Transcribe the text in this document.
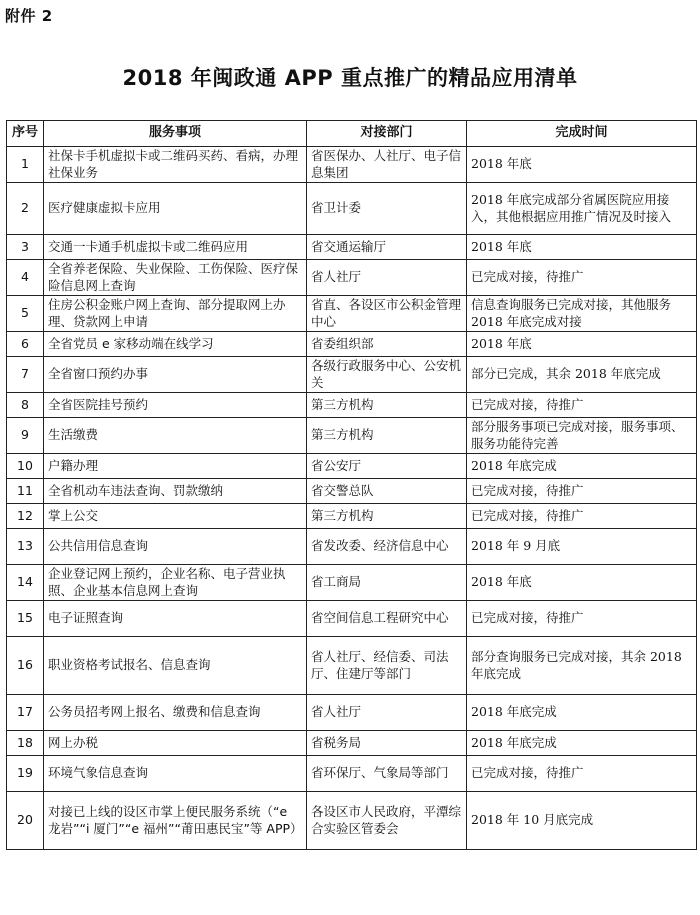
附件 2
2018 年闽政通 APP 重点推广的精品应用清单
序号	服务事项	对接部门	完成时间
1	社保卡手机虚拟卡或二维码买药、看病，办理社保业务	省医保办、人社厅、电子信息集团	2018 年底
2	医疗健康虚拟卡应用	省卫计委	2018 年底完成部分省属医院应用接入，其他根据应用推广情况及时接入
3	交通一卡通手机虚拟卡或二维码应用	省交通运输厅	2018 年底
4	全省养老保险、失业保险、工伤保险、医疗保险信息网上查询	省人社厅	已完成对接，待推广
5	住房公积金账户网上查询、部分提取网上办理、贷款网上申请	省直、各设区市公积金管理中心	信息查询服务已完成对接，其他服务 2018 年底完成对接
6	全省党员 e 家移动端在线学习	省委组织部	2018 年底
7	全省窗口预约办事	各级行政服务中心、公安机关	部分已完成，其余 2018 年底完成
8	全省医院挂号预约	第三方机构	已完成对接，待推广
9	生活缴费	第三方机构	部分服务事项已完成对接，服务事项、服务功能待完善
10	户籍办理	省公安厅	2018 年底完成
11	全省机动车违法查询、罚款缴纳	省交警总队	已完成对接，待推广
12	掌上公交	第三方机构	已完成对接，待推广
13	公共信用信息查询	省发改委、经济信息中心	2018 年 9 月底
14	企业登记网上预约，企业名称、电子营业执照、企业基本信息网上查询	省工商局	2018 年底
15	电子证照查询	省空间信息工程研究中心	已完成对接，待推广
16	职业资格考试报名、信息查询	省人社厅、经信委、司法厅、住建厅等部门	部分查询服务已完成对接，其余 2018 年底完成
17	公务员招考网上报名、缴费和信息查询	省人社厅	2018 年底完成
18	网上办税	省税务局	2018 年底完成
19	环境气象信息查询	省环保厅、气象局等部门	已完成对接，待推广
20	对接已上线的设区市掌上便民服务系统（“e 龙岩”“i 厦门”“e 福州”“莆田惠民宝”等 APP）	各设区市人民政府，平潭综合实验区管委会	2018 年 10 月底完成
